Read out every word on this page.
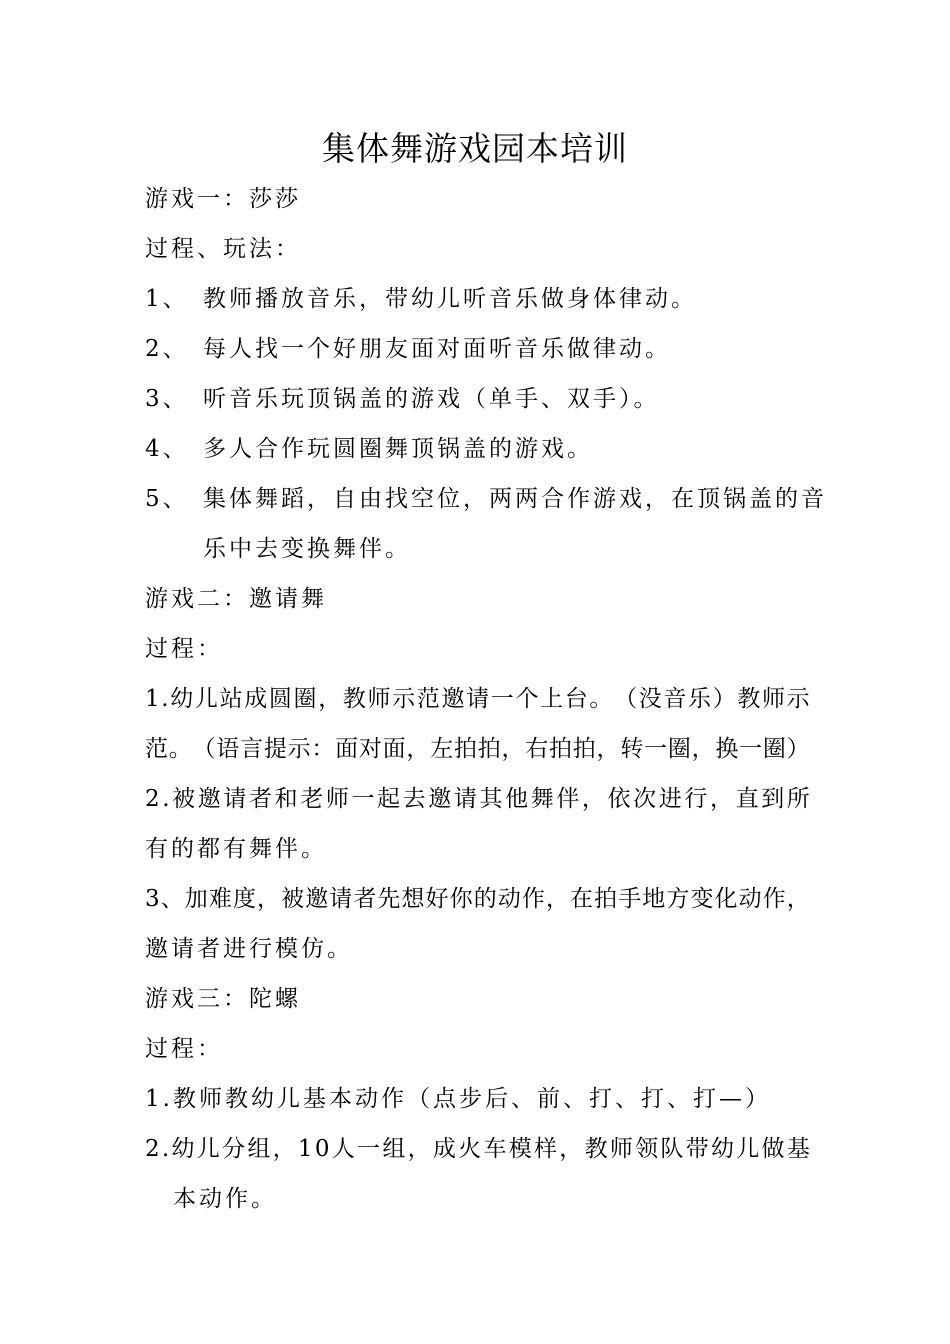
集体舞游戏园本培训
游戏一：莎莎
过程、玩法：
1、 教师播放音乐，带幼儿听音乐做身体律动。
2、 每人找一个好朋友面对面听音乐做律动。
3、 听音乐玩顶锅盖的游戏（单手、双手）。
4、 多人合作玩圆圈舞顶锅盖的游戏。
5、 集体舞蹈，自由找空位，两两合作游戏，在顶锅盖的音
乐中去变换舞伴。
游戏二：邀请舞
过程：
1 . 幼 儿 站 成 圆 圈 ， 教 师 示 范 邀 请 一 个 上 台 。 （ 没 音 乐 ） 教 师 示
范 。 （ 语 言 提 示 ： 面 对 面 ， 左 拍 拍 ， 右 拍 拍 ， 转 一 圈 ， 换 一 圈 ）
2 . 被 邀 请 者 和 老 师 一 起 去 邀 请 其 他 舞 伴 ， 依 次 进 行 ， 直 到 所
有的都有舞伴。
3 、 加 难 度 ， 被 邀 请 者 先 想 好 你 的 动 作 ， 在 拍 手 地 方 变 化 动 作 ，
邀请者进行模仿。
游戏三：陀螺
过程：
1.教师教幼儿基本动作（点步后、前、打、打、打—）
2 . 幼 儿 分 组 ， 1 0 人 一 组 ， 成 火 车 模 样 ， 教 师 领 队 带 幼 儿 做 基
本动作。
